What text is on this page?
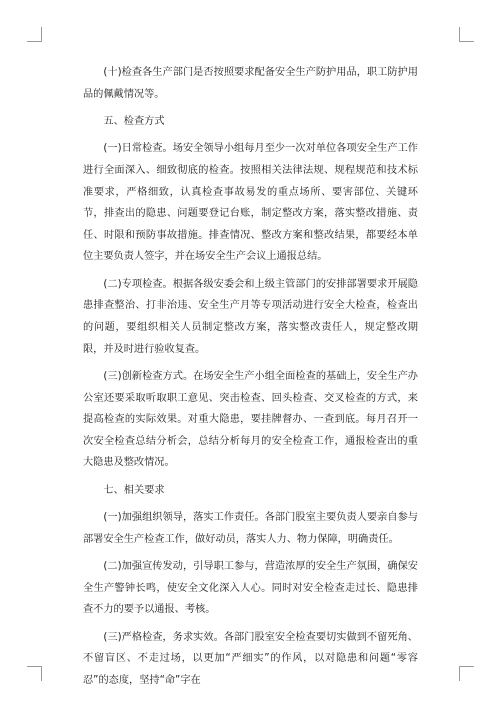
(十)检查各生产部门是否按照要求配备安全生产防护用品，职工防护用品的佩戴情况等。

五、检查方式

(一)日常检查。场安全领导小组每月至少一次对单位各项安全生产工作进行全面深入、细致彻底的检查。按照相关法律法规、规程规范和技术标准要求，严格细致，认真检查事故易发的重点场所、要害部位、关键环节，排查出的隐患、问题要登记台账，制定整改方案，落实整改措施、责任、时限和预防事故措施。排查情况、整改方案和整改结果，都要经本单位主要负责人签字，并在场安全生产会议上通报总结。

(二)专项检查。根据各级安委会和上级主管部门的安排部署要求开展隐患排查整治、打非治违、安全生产月等专项活动进行安全大检查，检查出的问题，要组织相关人员制定整改方案，落实整改责任人，规定整改期限，并及时进行验收复查。

(三)创新检查方式。在场安全生产小组全面检查的基础上，安全生产办公室还要采取听取职工意见、突击检查、回头检查、交叉检查的方式，来提高检查的实际效果。对重大隐患，要挂牌督办、一查到底。每月召开一次安全检查总结分析会，总结分析每月的安全检查工作，通报检查出的重大隐患及整改情况。

七、相关要求

(一)加强组织领导，落实工作责任。各部门股室主要负责人要亲自参与部署安全生产检查工作，做好动员，落实人力、物力保障，明确责任。

(二)加强宣传发动，引导职工参与，营造浓厚的安全生产氛围，确保安全生产警钟长鸣，使安全文化深入人心。同时对安全检查走过长、隐患排查不力的要予以通报、考核。

(三)严格检查，务求实效。各部门股室安全检查要切实做到不留死角、不留盲区、不走过场，以更加“严细实”的作风，以对隐患和问题“零容忍”的态度，坚持“命”字在
